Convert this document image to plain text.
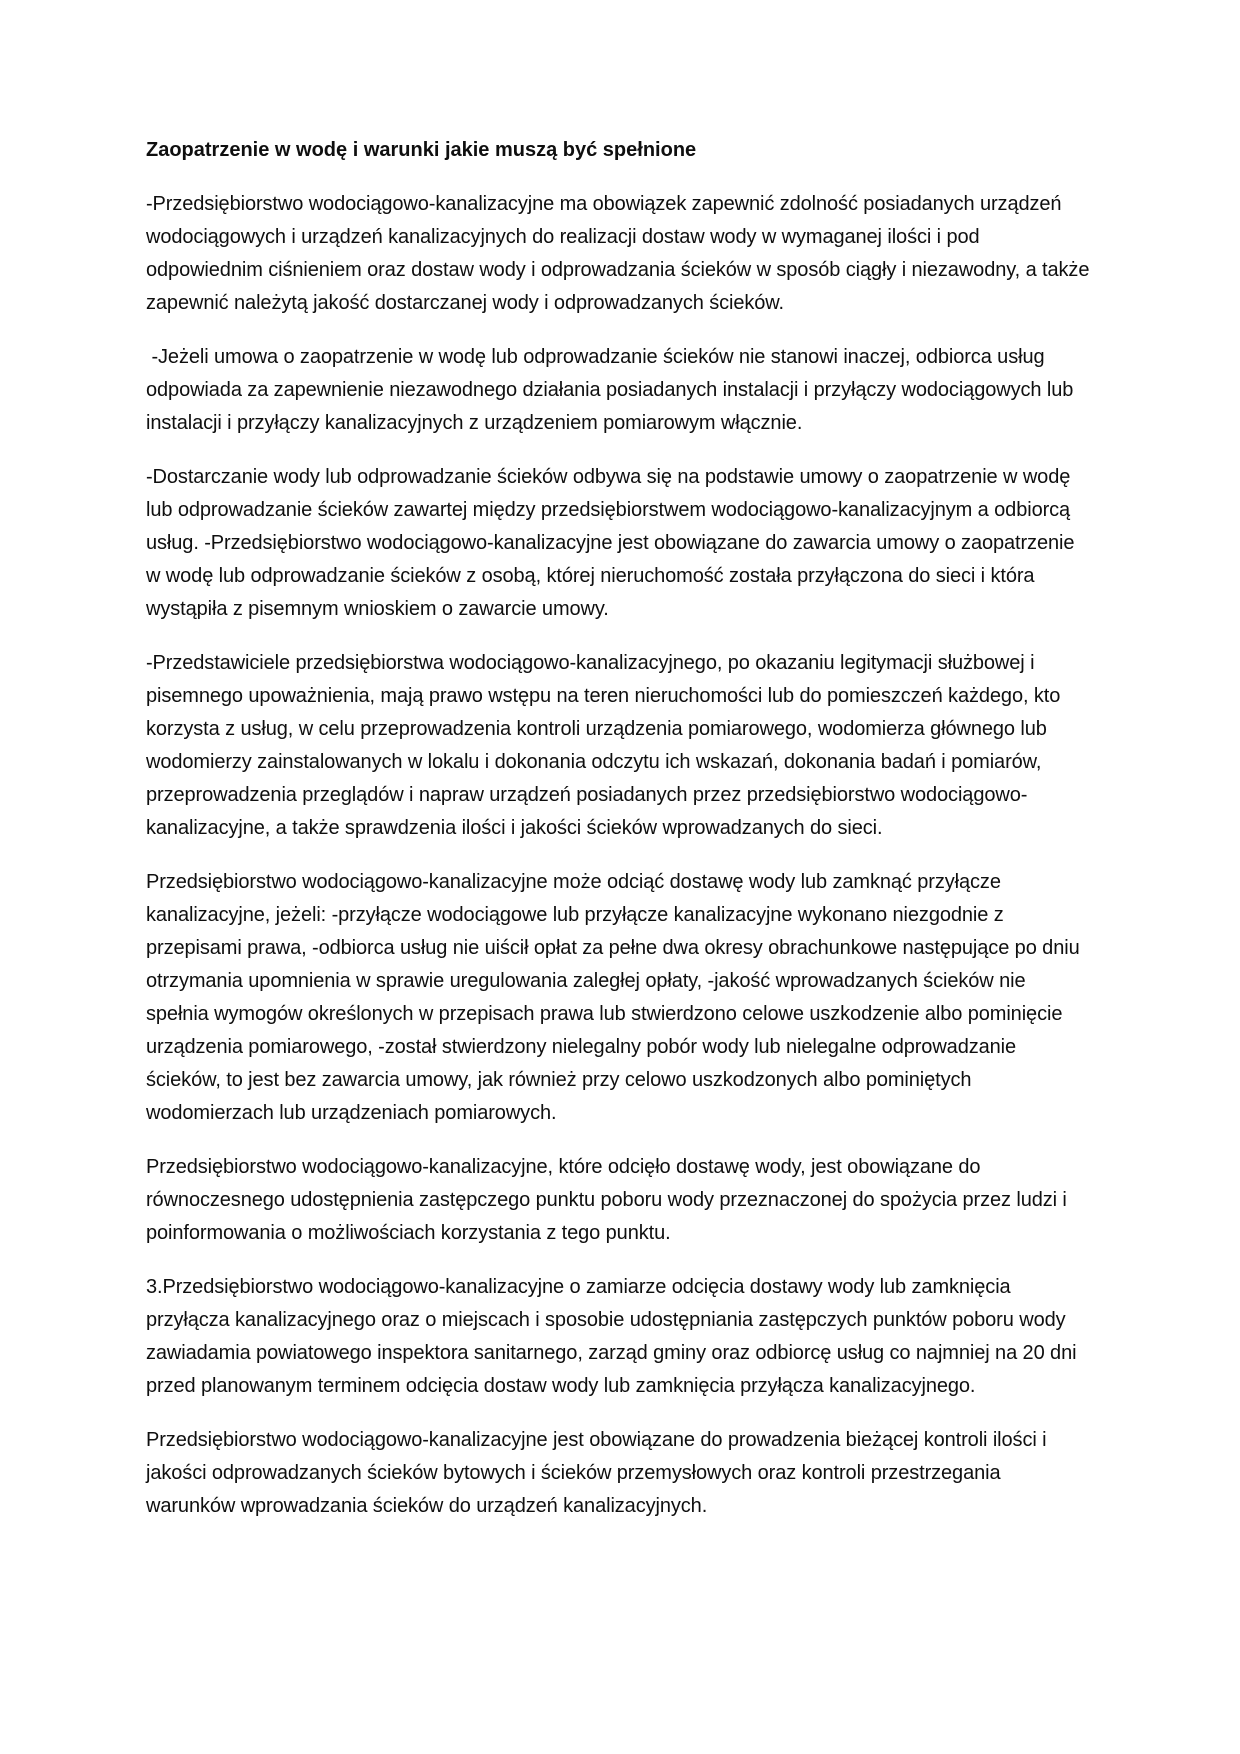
Zaopatrzenie w wodę i warunki jakie muszą być spełnione

-Przedsiębiorstwo wodociągowo-kanalizacyjne ma obowiązek zapewnić zdolność posiadanych urządzeń wodociągowych i urządzeń kanalizacyjnych do realizacji dostaw wody w wymaganej ilości i pod odpowiednim ciśnieniem oraz dostaw wody i odprowadzania ścieków w sposób ciągły i niezawodny, a także zapewnić należytą jakość dostarczanej wody i odprowadzanych ścieków.

-Jeżeli umowa o zaopatrzenie w wodę lub odprowadzanie ścieków nie stanowi inaczej, odbiorca usług odpowiada za zapewnienie niezawodnego działania posiadanych instalacji i przyłączy wodociągowych lub instalacji i przyłączy kanalizacyjnych z urządzeniem pomiarowym włącznie.

-Dostarczanie wody lub odprowadzanie ścieków odbywa się na podstawie umowy o zaopatrzenie w wodę lub odprowadzanie ścieków zawartej między przedsiębiorstwem wodociągowo-kanalizacyjnym a odbiorcą usług. -Przedsiębiorstwo wodociągowo-kanalizacyjne jest obowiązane do zawarcia umowy o zaopatrzenie w wodę lub odprowadzanie ścieków z osobą, której nieruchomość została przyłączona do sieci i która wystąpiła z pisemnym wnioskiem o zawarcie umowy.

-Przedstawiciele przedsiębiorstwa wodociągowo-kanalizacyjnego, po okazaniu legitymacji służbowej i pisemnego upoważnienia, mają prawo wstępu na teren nieruchomości lub do pomieszczeń każdego, kto korzysta z usług, w celu przeprowadzenia kontroli urządzenia pomiarowego, wodomierza głównego lub wodomierzy zainstalowanych w lokalu i dokonania odczytu ich wskazań, dokonania badań i pomiarów, przeprowadzenia przeglądów i napraw urządzeń posiadanych przez przedsiębiorstwo wodociągowo-kanalizacyjne, a także sprawdzenia ilości i jakości ścieków wprowadzanych do sieci.

Przedsiębiorstwo wodociągowo-kanalizacyjne może odciąć dostawę wody lub zamknąć przyłącze kanalizacyjne, jeżeli: -przyłącze wodociągowe lub przyłącze kanalizacyjne wykonano niezgodnie z przepisami prawa, -odbiorca usług nie uiścił opłat za pełne dwa okresy obrachunkowe następujące po dniu otrzymania upomnienia w sprawie uregulowania zaległej opłaty, -jakość wprowadzanych ścieków nie spełnia wymogów określonych w przepisach prawa lub stwierdzono celowe uszkodzenie albo pominięcie urządzenia pomiarowego, -został stwierdzony nielegalny pobór wody lub nielegalne odprowadzanie ścieków, to jest bez zawarcia umowy, jak również przy celowo uszkodzonych albo pominiętych wodomierzach lub urządzeniach pomiarowych.

Przedsiębiorstwo wodociągowo-kanalizacyjne, które odcięło dostawę wody, jest obowiązane do równoczesnego udostępnienia zastępczego punktu poboru wody przeznaczonej do spożycia przez ludzi i poinformowania o możliwościach korzystania z tego punktu.

3.Przedsiębiorstwo wodociągowo-kanalizacyjne o zamiarze odcięcia dostawy wody lub zamknięcia przyłącza kanalizacyjnego oraz o miejscach i sposobie udostępniania zastępczych punktów poboru wody zawiadamia powiatowego inspektora sanitarnego, zarząd gminy oraz odbiorcę usług co najmniej na 20 dni przed planowanym terminem odcięcia dostaw wody lub zamknięcia przyłącza kanalizacyjnego.

Przedsiębiorstwo wodociągowo-kanalizacyjne jest obowiązane do prowadzenia bieżącej kontroli ilości i jakości odprowadzanych ścieków bytowych i ścieków przemysłowych oraz kontroli przestrzegania warunków wprowadzania ścieków do urządzeń kanalizacyjnych.
